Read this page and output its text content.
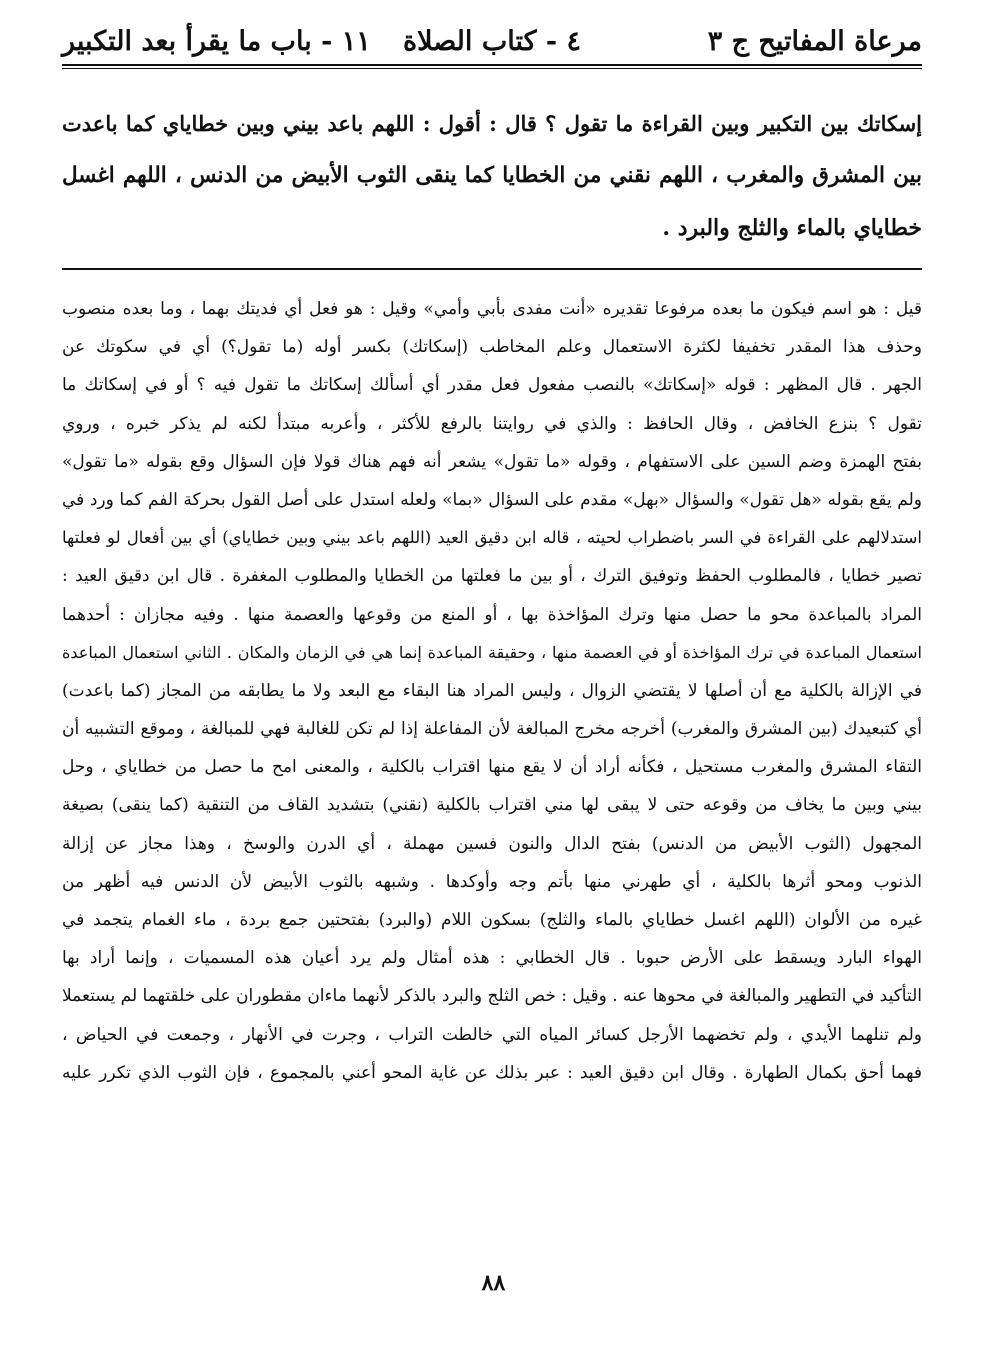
مرعاة المفاتيح ج ٣
٤ - كتاب الصلاة
١١ - باب ما يقرأ بعد التكبير
إسكاتك بين التكبير وبين القراءة ما تقول ؟ قال : أقول : اللهم باعد بيني وبين خطاياي كما باعدت
بين المشرق والمغرب ، اللهم نقني من الخطايا كما ينقى الثوب الأبيض من الدنس ، اللهم اغسل
خطاياي بالماء والثلج والبرد .
قيل : هو اسم فيكون ما بعده مرفوعا تقديره «أنت مفدى بأبي وأمي» وقيل : هو فعل أي فديتك بهما ، وما بعده منصوب
وحذف هذا المقدر تخفيفا لكثرة الاستعمال وعلم المخاطب (إسكاتك) بكسر أوله (ما تقول؟) أي في سكوتك عن
الجهر . قال المظهر : قوله «إسكاتك» بالنصب مفعول فعل مقدر أي أسألك إسكاتك ما تقول فيه ؟ أو في إسكاتك ما
تقول ؟ بنزع الخافض ، وقال الحافظ : والذي في روايتنا بالرفع للأكثر ، وأعربه مبتدأ لكنه لم يذكر خبره ، وروي
بفتح الهمزة وضم السين على الاستفهام ، وقوله «ما تقول» يشعر أنه فهم هناك قولا فإن السؤال وقع بقوله «ما تقول»
ولم يقع بقوله «هل تقول» والسؤال «بهل» مقدم على السؤال «بما» ولعله استدل على أصل القول بحركة الفم كما ورد في
استدلالهم على القراءة في السر باضطراب لحيته ، قاله ابن دقيق العيد (اللهم باعد بيني وبين خطاياي) أي بين أفعال لو فعلتها
تصير خطايا ، فالمطلوب الحفظ وتوفيق الترك ، أو بين ما فعلتها من الخطايا والمطلوب المغفرة . قال ابن دقيق العيد :
المراد بالمباعدة محو ما حصل منها وترك المؤاخذة بها ، أو المنع من وقوعها والعصمة منها . وفيه مجازان : أحدهما
استعمال المباعدة في ترك المؤاخذة أو في العصمة منها ، وحقيقة المباعدة إنما هي في الزمان والمكان . الثاني استعمال المباعدة
في الإزالة بالكلية مع أن أصلها لا يقتضي الزوال ، وليس المراد هنا البقاء مع البعد ولا ما يطابقه من المجاز (كما باعدت)
أي كتبعيدك (بين المشرق والمغرب) أخرجه مخرج المبالغة لأن المفاعلة إذا لم تكن للغالبة فهي للمبالغة ، وموقع التشبيه أن
التقاء المشرق والمغرب مستحيل ، فكأنه أراد أن لا يقع منها اقتراب بالكلية ، والمعنى امح ما حصل من خطاياي ، وحل
بيني وبين ما يخاف من وقوعه حتى لا يبقى لها مني اقتراب بالكلية (نقني) بتشديد القاف من التنقية (كما ينقى) بصيغة
المجهول (الثوب الأبيض من الدنس) بفتح الدال والنون فسين مهملة ، أي الدرن والوسخ ، وهذا مجاز عن إزالة
الذنوب ومحو أثرها بالكلية ، أي طهرني منها بأتم وجه وأوكدها . وشبهه بالثوب الأبيض لأن الدنس فيه أظهر من
غيره من الألوان (اللهم اغسل خطاياي بالماء والثلج) بسكون اللام (والبرد) بفتحتين جمع بردة ، ماء الغمام يتجمد في
الهواء البارد ويسقط على الأرض حبوبا . قال الخطابي : هذه أمثال ولم يرد أعيان هذه المسميات ، وإنما أراد بها
التأكيد في التطهير والمبالغة في محوها عنه . وقيل : خص الثلج والبرد بالذكر لأنهما ماءان مقطوران على خلقتهما لم يستعملا
ولم تنلهما الأيدي ، ولم تخضهما الأرجل كسائر المياه التي خالطت التراب ، وجرت في الأنهار ، وجمعت في الحياض ،
فهما أحق بكمال الطهارة . وقال ابن دقيق العيد : عبر بذلك عن غاية المحو أعني بالمجموع ، فإن الثوب الذي تكرر عليه
٨٨
